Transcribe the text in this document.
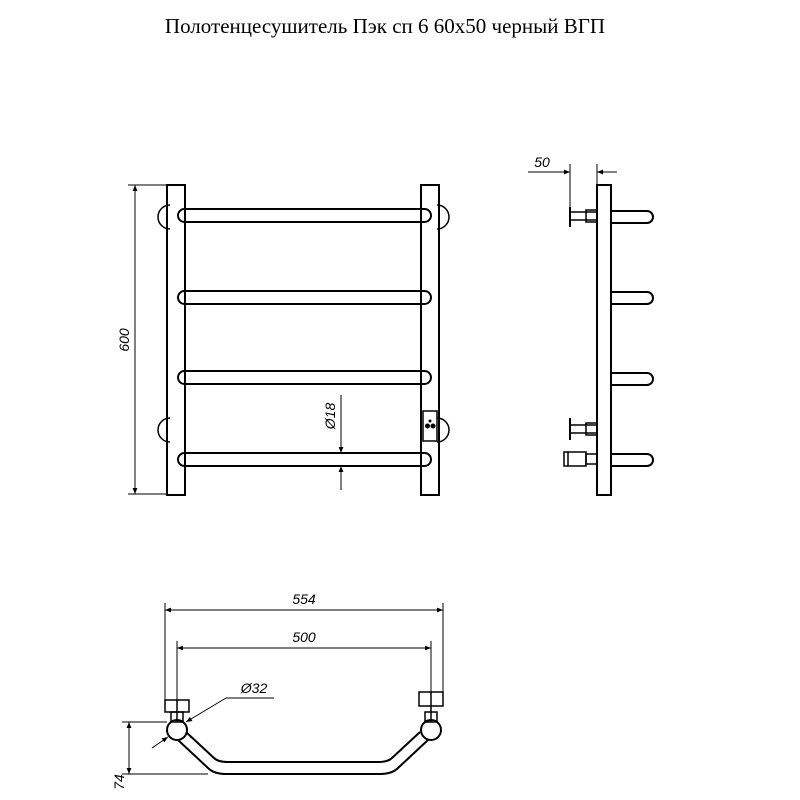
Полотенцесушитель Пэк сп 6 60x50 черный ВГП
600
Ø18
50
554
500
Ø32
74
